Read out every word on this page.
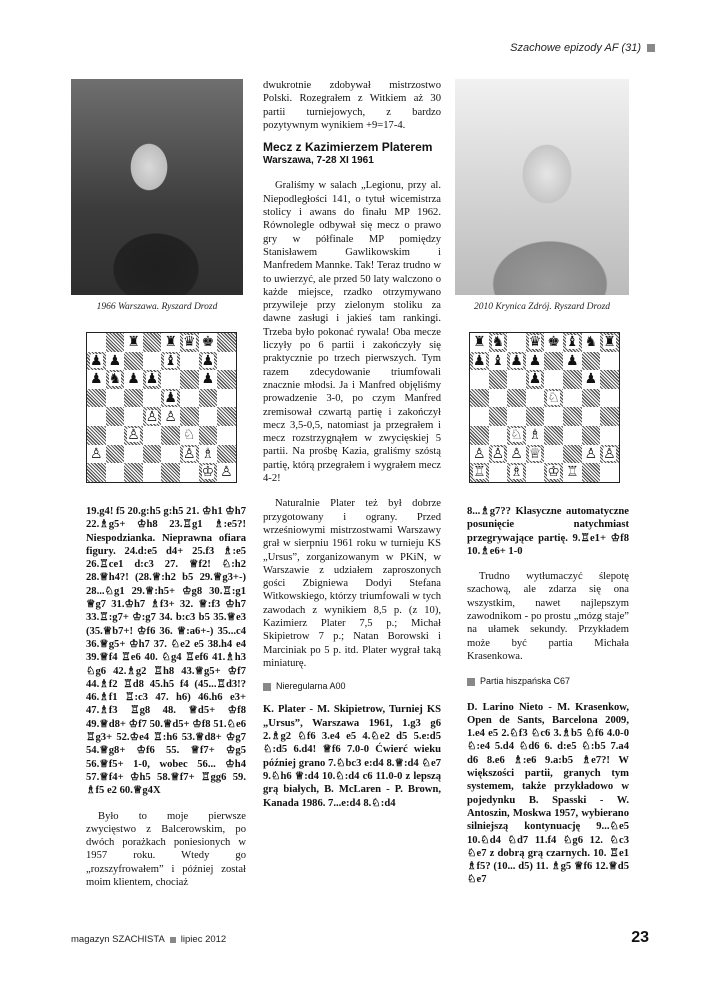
Szachowe epizody AF (31)
1966 Warszawa. Ryszard Drozd	2010 Krynica Zdrój. Ryszard Drozd
♜ ♜ ♛ ♚
♟ ♟	♝ ♟
♟ ♞ ♟ ♟	♟
♟
♙ ♙
♙	♘
♙	♙ ♗
♔ ♙
♜ ♞ ♛ ♚ ♝ ♞ ♜
♟ ♝ ♟ ♟ ♟
♟	♟
♘
♘ ♗
♙ ♙ ♙ ♕	♙ ♙
♖ ♗ ♔ ♖

19.g4! f5 20.g:h5 g:h5 21. ♔h1 ♔h7 22.♗g5+ ♔h8 23.♖g1 ♗:e5?! Niespodzianka. Nieprawna ofiara figury. 24.d:e5 d4+ 25.f3 ♗:e5 26.♖ce1 d:c3 27. ♕f2! ♘:h2 28.♕h4?! (28.♕:h2 b5 29.♕g3+-) 28...♘g1 29.♕:h5+ ♔g8 30.♖:g1 ♕g7 31.♔h7 ♗f3+ 32. ♕:f3 ♔h7 33.♖:g7+ ♔:g7 34. b:c3 b5 35.♕e3 (35.♕b7+! ♔f6 36. ♕:a6+-) 35...c4 36.♕g5+ ♔h7 37. ♘e2 e5 38.h4 e4 39.♕f4 ♖e6 40. ♘g4 ♖ef6 41.♗h3 ♘g6 42.♗g2 ♖h8 43.♕g5+ ♔f7 44.♗f2 ♖d8 45.h5 f4 (45...♖d3!? 46.♗f1 ♖:c3 47. h6) 46.h6 e3+ 47.♗f3 ♖g8 48. ♕d5+ ♔f8 49.♕d8+ ♔f7 50.♕d5+ ♔f8 51.♘e6 ♖g3+ 52.♔e4 ♖:h6 53.♕d8+ ♔g7 54.♕g8+ ♔f6 55. ♕f7+ ♔g5 56.♕f5+ 1-0, wobec 56... ♔h4 57.♕f4+ ♔h5 58.♕f7+ ♖gg6 59. ♗f5 e2 60.♕g4X

Było to moje pierwsze zwycięstwo z Balcerowskim, po dwóch porażkach poniesionych w 1957 roku. Wtedy go „rozszyfrowałem” i później został moim klientem, chociaż

dwukrotnie zdobywał mistrzostwo Polski. Rozegrałem z Witkiem aż 30 partii turniejowych, z bardzo pozytywnym wynikiem +9=17-4.

Mecz z Kazimierzem Platerem
Warszawa, 7-28 XI 1961

Graliśmy w salach „Legionu, przy al. Niepodległości 141, o tytuł wicemistrza stolicy i awans do finału MP 1962. Równolegle odbywał się mecz o prawo gry w półfinale MP pomiędzy Stanisławem Gawlikowskim i Manfredem Mannke. Tak! Teraz trudno w to uwierzyć, ale przed 50 laty walczono o każde miejsce, rzadko otrzymywano przywileje przy zielonym stoliku za dawne zasługi i jakieś tam rankingi. Trzeba było pokonać rywala! Oba mecze liczyły po 6 partii i zakończyły się praktycznie po trzech pierwszych. Tym razem zdecydowanie triumfowali znacznie młodsi. Ja i Manfred objęliśmy prowadzenie 3-0, po czym Manfred zremisował czwartą partię i zakończył mecz 3,5-0,5, natomiast ja przegrałem i mecz rozstrzygnąłem w zwycięskiej 5 partii. Na prośbę Kazia, graliśmy szóstą partię, którą przegrałem i wygrałem mecz 4-2!

Naturalnie Plater też był dobrze przygotowany i ograny. Przed wrześniowymi mistrzostwami Warszawy grał w sierpniu 1961 roku w turnieju KS „Ursus”, zorganizowanym w PKiN, w Warszawie z udziałem zaproszonych gości Zbigniewa Dodyi Stefana Witkowskiego, którzy triumfowali w tych zawodach z wynikiem 8,5 p. (z 10), Kazimierz Plater 7,5 p.; Michał Skipietrow 7 p.; Natan Borowski i Marciniak po 5 p. itd. Plater wygrał taką miniaturę.

Nieregularna A00

K. Plater - M. Skipietrow, Turniej KS „Ursus”, Warszawa 1961, 1.g3 g6 2.♗g2 ♘f6 3.e4 e5 4.♘e2 d5 5.e:d5 ♘:d5 6.d4! ♕f6 7.0-0 Ćwierć wieku później grano 7.♘bc3 e:d4 8.♕:d4 ♘e7 9.♘h6 ♕:d4 10.♘:d4 c6 11.0-0 z lepszą grą białych, B. McLaren - P. Brown, Kanada 1986. 7...e:d4 8.♘:d4

8...♗g7?? Klasyczne automatyczne posunięcie natychmiast przegrywające partię. 9.♖e1+ ♔f8 10.♗e6+ 1-0

Trudno wytłumaczyć ślepotę szachową, ale zdarza się ona wszystkim, nawet najlepszym zawodnikom - po prostu „mózg staje” na ułamek sekundy. Przykładem może być partia Michała Krasenkowa.

Partia hiszpańska C67

D. Larino Nieto - M. Krasenkow, Open de Sants, Barcelona 2009, 1.e4 e5 2.♘f3 ♘c6 3.♗b5 ♘f6 4.0-0 ♘:e4 5.d4 ♘d6 6. d:e5 ♘:b5 7.a4 d6 8.e6 ♗:e6 9.a:b5 ♗e7?! W większości partii, granych tym systemem, także przykładowo w pojedynku B. Spasski - W. Antoszin, Moskwa 1957, wybierano silniejszą kontynuację 9...♘e5 10.♘d4 ♘d7 11.f4 ♘g6 12. ♘c3 ♘e7 z dobrą grą czarnych. 10. ♖e1 ♗f5? (10... d5) 11. ♗g5 ♕f6 12.♕d5 ♘e7

magazyn SZACHISTA lipiec 2012	23
